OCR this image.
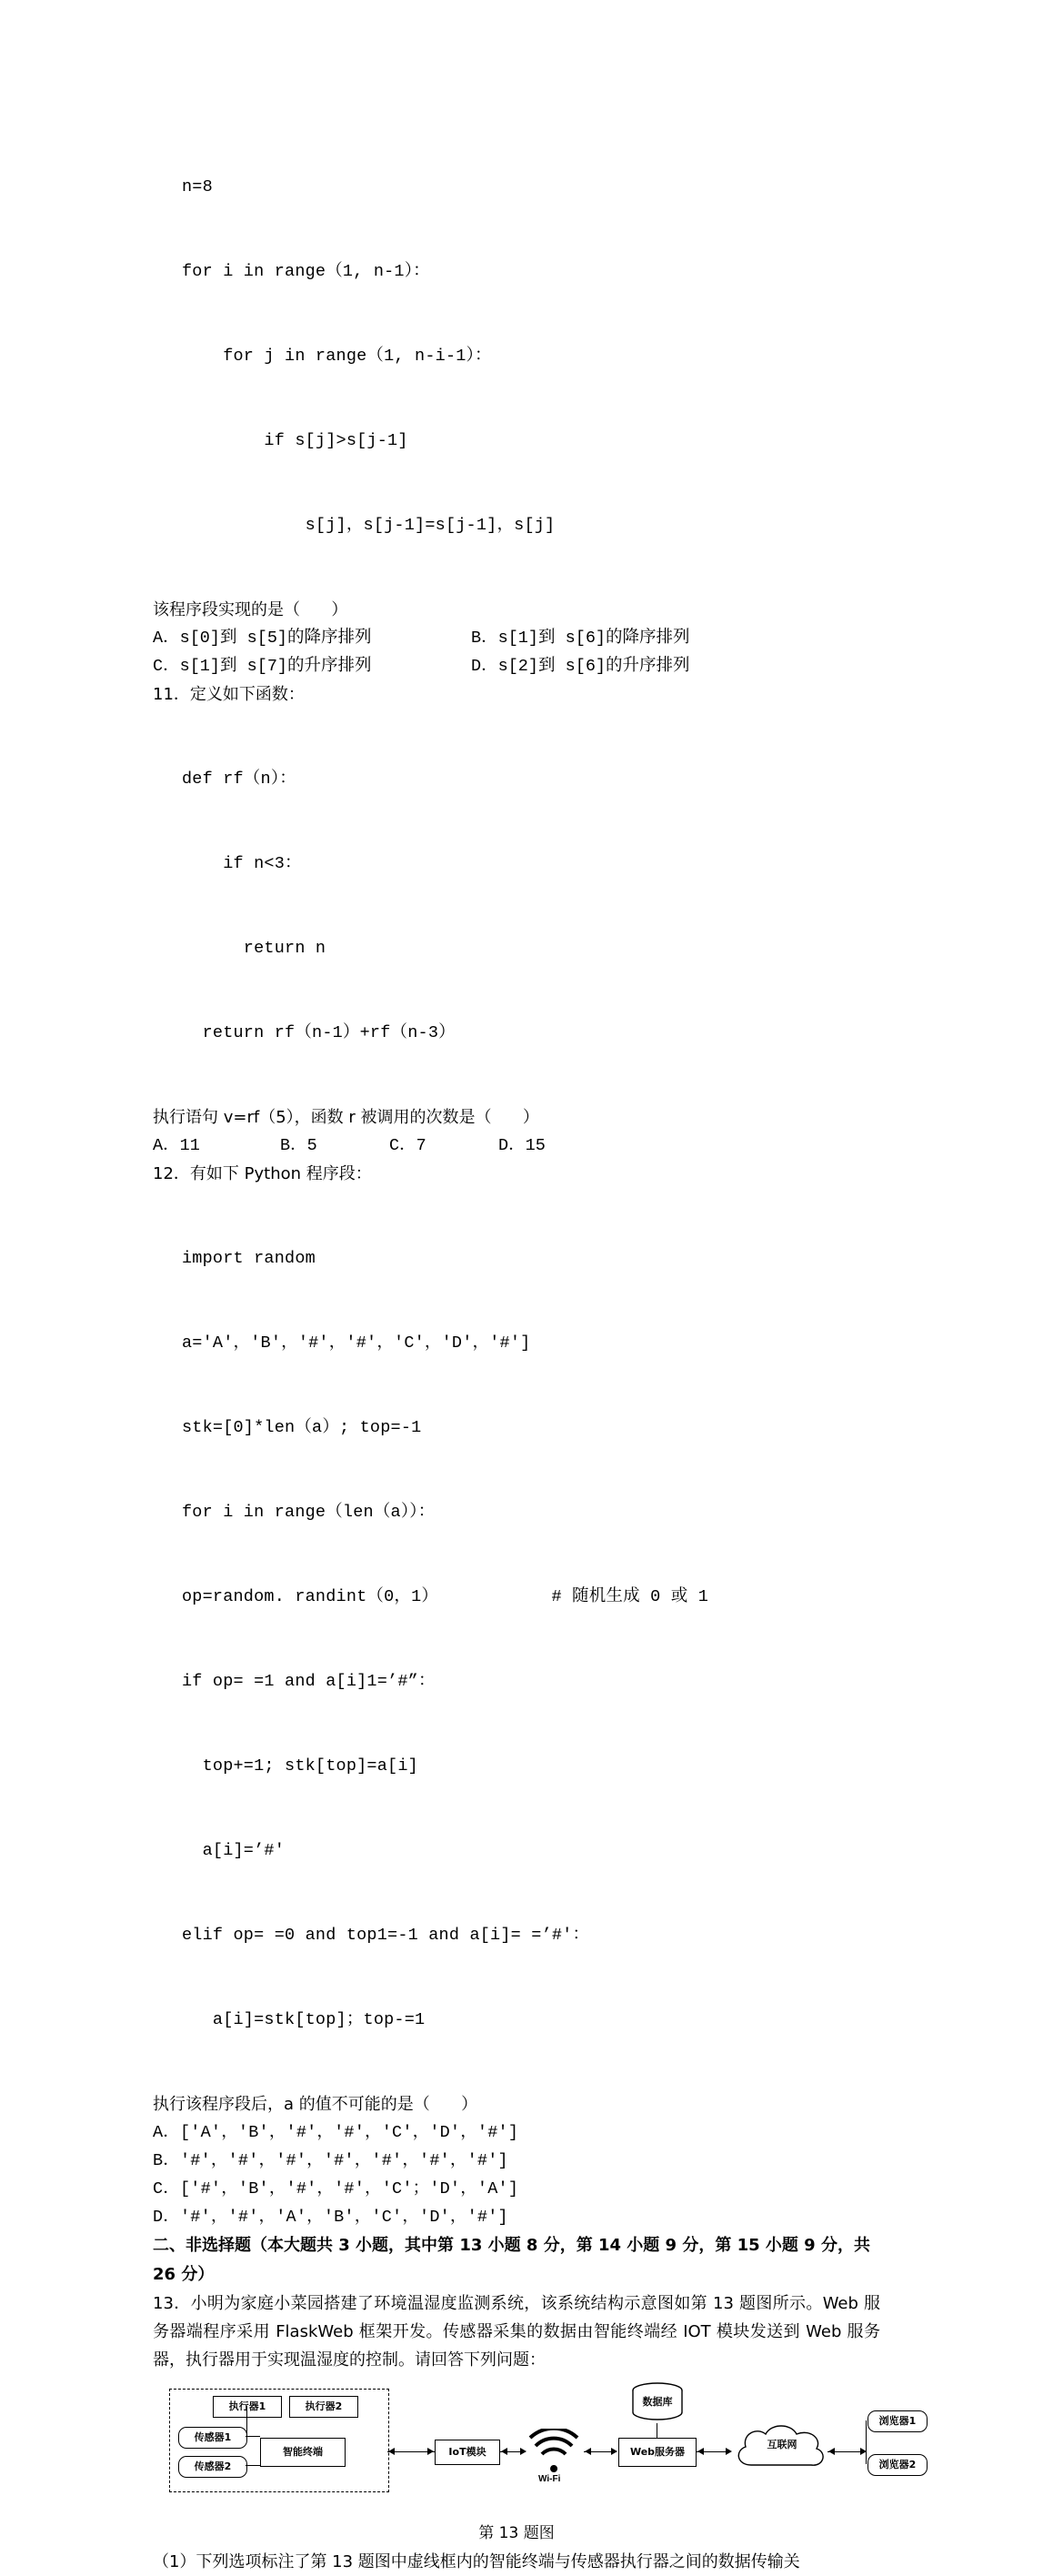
n=8

for i in range（1, n-1）：

for j in range（1, n-i-1）：

if s[j]>s[j-1]

s[j]，s[j-1]=s[j-1]，s[j]

该程序段实现的是（      ）
A．s[0]到 s[5]的降序排列	B．s[1]到 s[6]的降序排列
C．s[1]到 s[7]的升序排列	D．s[2]到 s[6]的升序排列
11．定义如下函数：

def rf（n）：

if n<3：

return n

return rf（n-1）+rf（n-3）

执行语句 v=rf（5），函数 r 被调用的次数是（      ）
A．11	B．5	C．7	D．15
12．有如下 Python 程序段：

import random

a='A'，'B'，'#'，'#'，'C'，'D'，'#']

stk=[0]*len（a）; top=-1

for i in range（len（a））：

op=random. randint（0，1）           # 随机生成 0 或 1

if op= =1 and a[i]1=’#”：

top+=1; stk[top]=a[i]

a[i]=’#'

elif op= =0 and top1=-1 and a[i]= =’#'：

a[i]=stk[top]；top-=1

执行该程序段后，a 的值不可能的是（      ）
A．['A'，'B'，'#'，'#'，'C'，'D'，'#']
B．'#'，'#'，'#'，'#'，'#'，'#'，'#']
C．['#'，'B'，'#'，'#'，'C'；'D'，'A']
D．'#'，'#'，'A'，'B'，'C'，'D'，'#']
二、非选择题（本大题共 3 小题，其中第 13 小题 8 分，第 14 小题 9 分，第 15 小题 9 分，共 26 分）
13．小明为家庭小菜园搭建了环境温湿度监测系统，该系统结构示意图如第 13 题图所示。Web 服务器端程序采用 FlaskWeb 框架开发。传感器采集的数据由智能终端经 IOT 模块发送到 Web 服务器，执行器用于实现温湿度的控制。请回答下列问题：
执行器1	执行器2
传感器1
传感器2
智能终端	IoT模块
Wi-Fi
Web服务器
数据库
互联网
浏览器1
浏览器2
第 13 题图
（1）下列选项标注了第 13 题图中虚线框内的智能终端与传感器执行器之间的数据传输关
